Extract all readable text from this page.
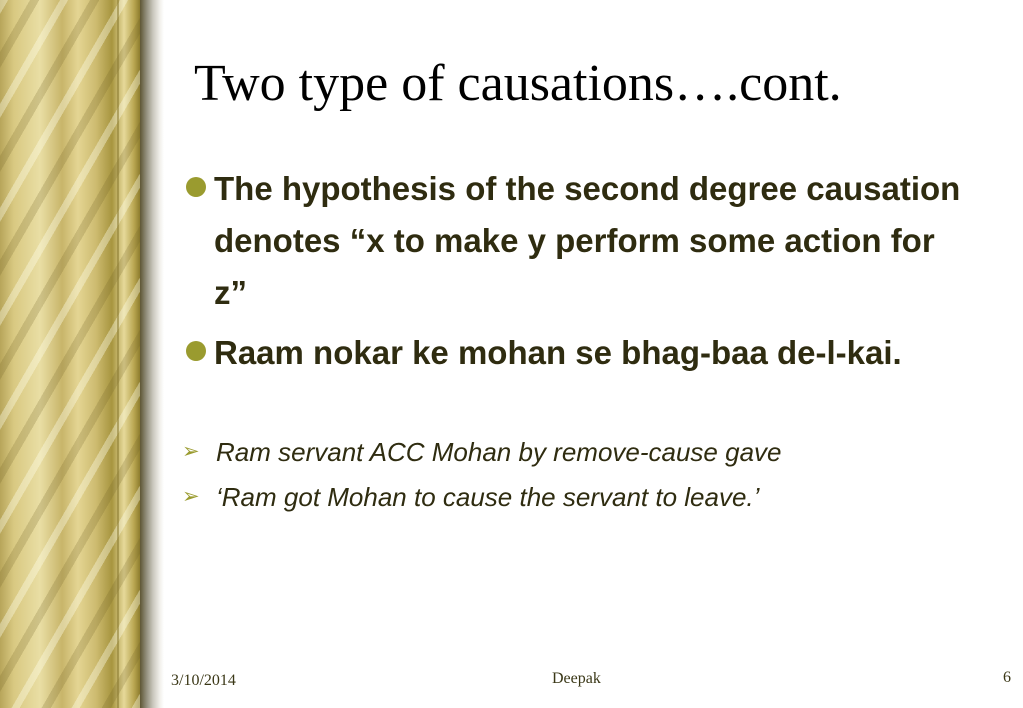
Two type of causations….cont.
The hypothesis of the second degree causation denotes “x to make y perform some action for z”
Raam nokar ke mohan se bhag-baa de-l-kai.
➢ Ram servant ACC Mohan by remove-cause gave
➢ ‘Ram got Mohan to cause the servant to leave.’
3/10/2014	Deepak	6
